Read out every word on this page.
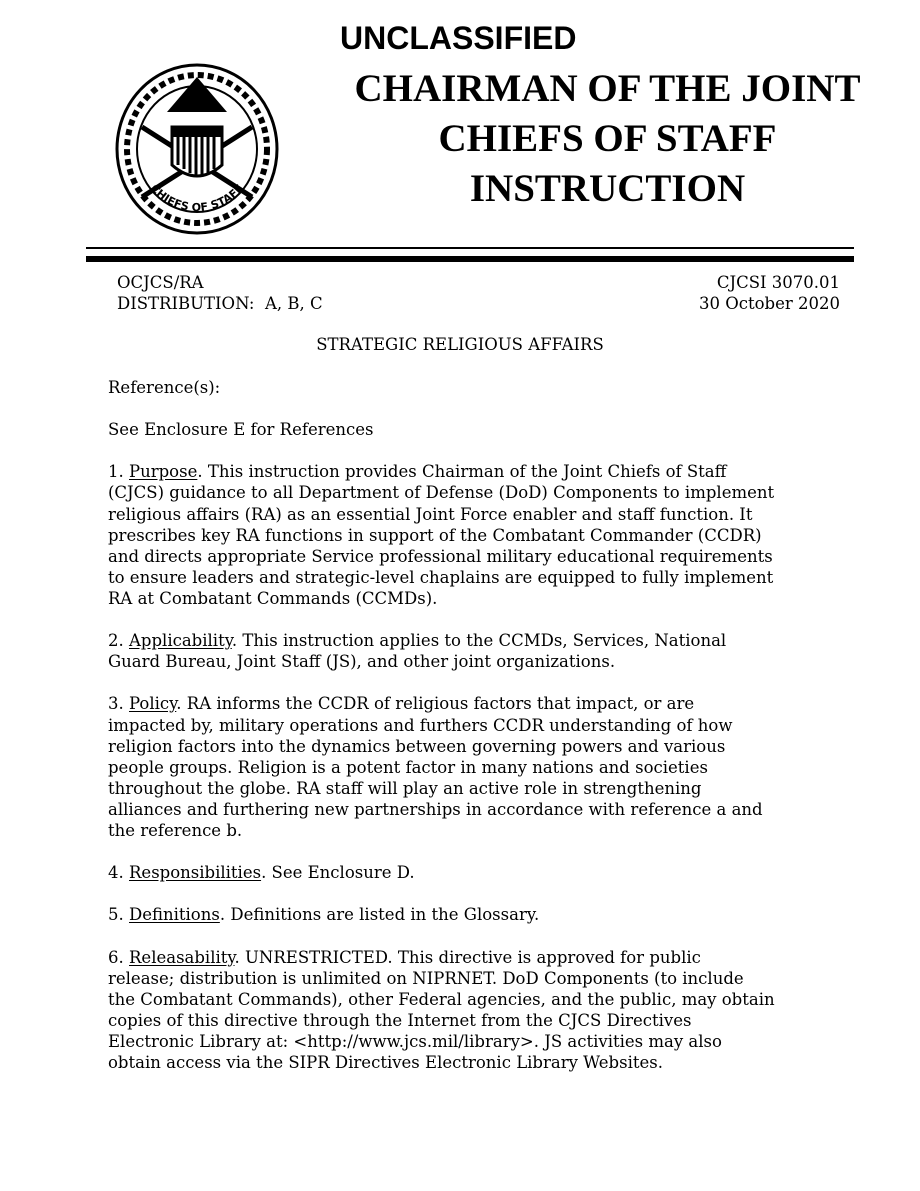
UNCLASSIFIED
JOINT
CHIEFS OF STAFF
CHAIRMAN OF THE JOINT
CHIEFS OF STAFF
INSTRUCTION
OCJCS/RA
DISTRIBUTION:  A, B, C
CJCSI 3070.01
30 October 2020
STRATEGIC RELIGIOUS AFFAIRS

Reference(s):

See Enclosure E for References

1. Purpose. This instruction provides Chairman of the Joint Chiefs of Staff
(CJCS) guidance to all Department of Defense (DoD) Components to implement
religious affairs (RA) as an essential Joint Force enabler and staff function. It
prescribes key RA functions in support of the Combatant Commander (CCDR)
and directs appropriate Service professional military educational requirements
to ensure leaders and strategic-level chaplains are equipped to fully implement
RA at Combatant Commands (CCMDs).

2. Applicability. This instruction applies to the CCMDs, Services, National
Guard Bureau, Joint Staff (JS), and other joint organizations.

3. Policy. RA informs the CCDR of religious factors that impact, or are
impacted by, military operations and furthers CCDR understanding of how
religion factors into the dynamics between governing powers and various
people groups. Religion is a potent factor in many nations and societies
throughout the globe. RA staff will play an active role in strengthening
alliances and furthering new partnerships in accordance with reference a and
the reference b.

4. Responsibilities. See Enclosure D.

5. Definitions. Definitions are listed in the Glossary.

6. Releasability. UNRESTRICTED. This directive is approved for public
release; distribution is unlimited on NIPRNET. DoD Components (to include
the Combatant Commands), other Federal agencies, and the public, may obtain
copies of this directive through the Internet from the CJCS Directives
Electronic Library at: <http://www.jcs.mil/library>. JS activities may also
obtain access via the SIPR Directives Electronic Library Websites.
